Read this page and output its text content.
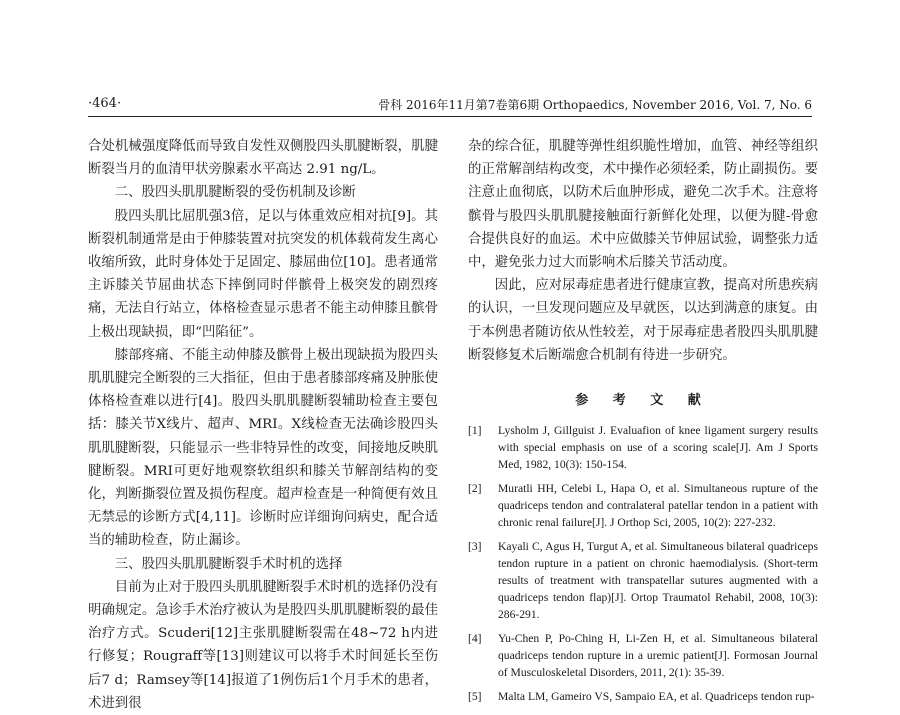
·464·	骨科 2016年11月第7卷第6期 Orthopaedics, November 2016, Vol. 7, No. 6

合处机械强度降低而导致自发性双侧股四头肌腱断裂，肌腱断裂当月的血清甲状旁腺素水平高达 2.91 ng/L。

二、股四头肌肌腱断裂的受伤机制及诊断

股四头肌比屈肌强3倍，足以与体重效应相对抗[9]。其断裂机制通常是由于伸膝装置对抗突发的机体载荷发生离心收缩所致，此时身体处于足固定、膝屈曲位[10]。患者通常主诉膝关节屈曲状态下摔倒同时伴髌骨上极突发的剧烈疼痛，无法自行站立，体格检查显示患者不能主动伸膝且髌骨上极出现缺损，即“凹陷征”。

膝部疼痛、不能主动伸膝及髌骨上极出现缺损为股四头肌肌腱完全断裂的三大指征，但由于患者膝部疼痛及肿胀使体格检查难以进行[4]。股四头肌肌腱断裂辅助检查主要包括：膝关节X线片、超声、MRI。X线检查无法确诊股四头肌肌腱断裂，只能显示一些非特异性的改变，间接地反映肌腱断裂。MRI可更好地观察软组织和膝关节解剖结构的变化，判断撕裂位置及损伤程度。超声检查是一种简便有效且无禁忌的诊断方式[4,11]。诊断时应详细询问病史，配合适当的辅助检查，防止漏诊。

三、股四头肌肌腱断裂手术时机的选择

目前为止对于股四头肌肌腱断裂手术时机的选择仍没有明确规定。急诊手术治疗被认为是股四头肌肌腱断裂的最佳治疗方式。Scuderi[12]主张肌腱断裂需在48~72 h内进行修复；Rougraff等[13]则建议可以将手术时间延长至伤后7 d；Ramsey等[14]报道了1例伤后1个月手术的患者，术进到很

杂的综合征，肌腱等弹性组织脆性增加，血管、神经等组织的正常解剖结构改变，术中操作必须轻柔，防止副损伤。要注意止血彻底，以防术后血肿形成，避免二次手术。注意将髌骨与股四头肌肌腱接触面行新鲜化处理，以便为腱-骨愈合提供良好的血运。术中应做膝关节伸屈试验，调整张力适中，避免张力过大而影响术后膝关节活动度。

因此，应对尿毒症患者进行健康宣教，提高对所患疾病的认识，一旦发现问题应及早就医，以达到满意的康复。由于本例患者随访依从性较差，对于尿毒症患者股四头肌肌腱断裂修复术后断端愈合机制有待进一步研究。

参 考 文 献
[1]	Lysholm J, Gillguist J. Evaluafion of knee ligament surgery results with special emphasis on use of a scoring scale[J]. Am J Sports Med, 1982, 10(3): 150-154.
[2]	Muratli HH, Celebi L, Hapa O, et al. Simultaneous rupture of the quadriceps tendon and contralateral patellar tendon in a patient with chronic renal failure[J]. J Orthop Sci, 2005, 10(2): 227-232.
[3]	Kayali C, Agus H, Turgut A, et al. Simultaneous bilateral quadriceps tendon rupture in a patient on chronic haemodialysis. (Short-term results of treatment with transpatellar sutures augmented with a quadriceps tendon flap)[J]. Ortop Traumatol Rehabil, 2008, 10(3): 286-291.
[4]	Yu-Chen P, Po-Ching H, Li-Zen H, et al. Simultaneous bilateral quadriceps tendon rupture in a uremic patient[J]. Formosan Journal of Musculoskeletal Disorders, 2011, 2(1): 35-39.
[5]	Malta LM, Gameiro VS, Sampaio EA, et al. Quadriceps tendon rup-
